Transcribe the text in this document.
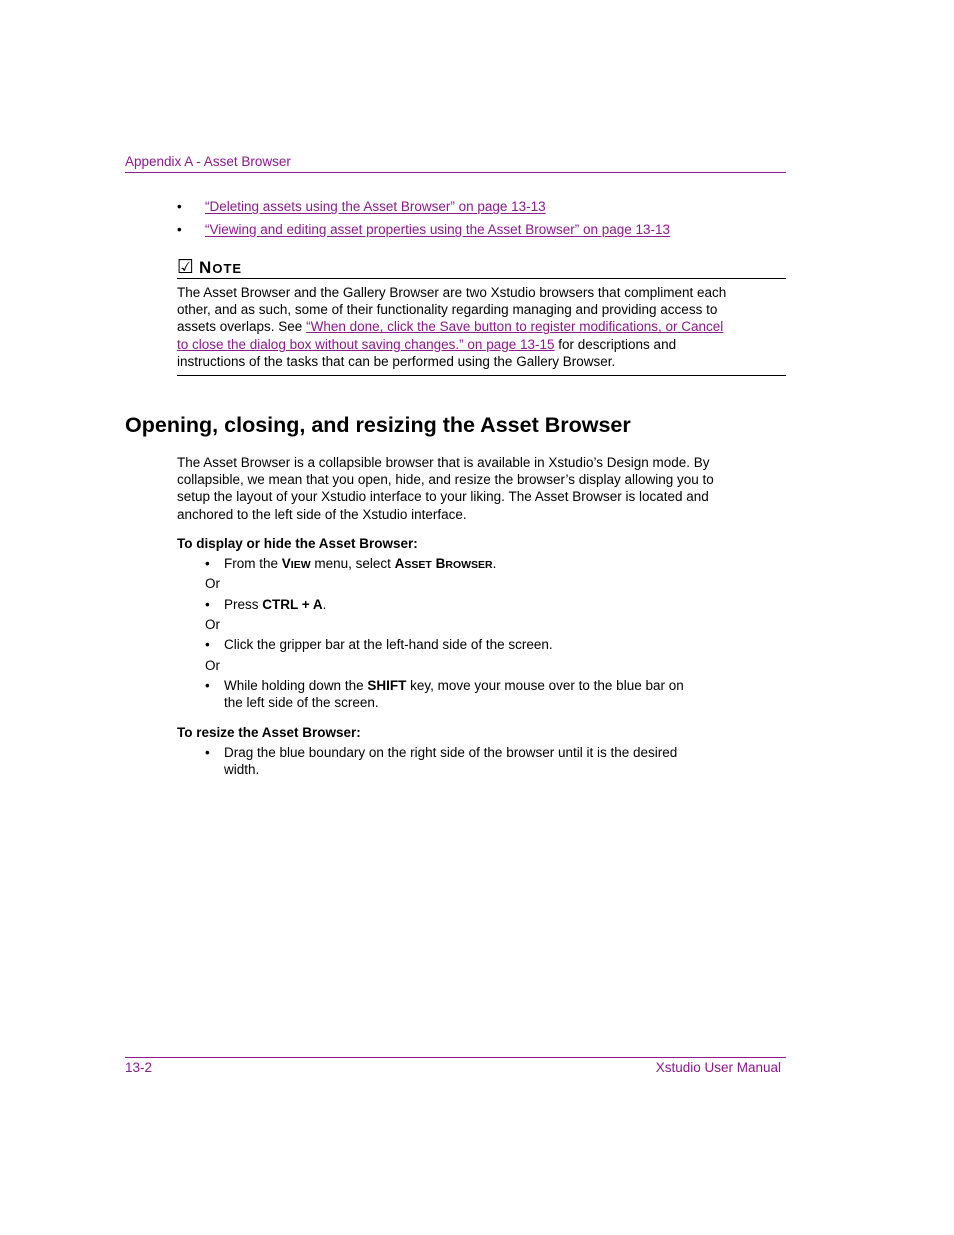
Appendix A - Asset Browser
• “Deleting assets using the Asset Browser” on page 13-13
• “Viewing and editing asset properties using the Asset Browser” on page 13-13
☑ NOTE
The Asset Browser and the Gallery Browser are two Xstudio browsers that compliment each other, and as such, some of their functionality regarding managing and providing access to assets overlaps. See “When done, click the Save button to register modifications, or Cancel to close the dialog box without saving changes.” on page 13-15 for descriptions and instructions of the tasks that can be performed using the Gallery Browser.
Opening, closing, and resizing the Asset Browser
The Asset Browser is a collapsible browser that is available in Xstudio’s Design mode. By collapsible, we mean that you open, hide, and resize the browser’s display allowing you to setup the layout of your Xstudio interface to your liking. The Asset Browser is located and anchored to the left side of the Xstudio interface.
To display or hide the Asset Browser:
• From the VIEW menu, select ASSET BROWSER.
Or
• Press CTRL + A.
Or
• Click the gripper bar at the left-hand side of the screen.
Or
• While holding down the SHIFT key, move your mouse over to the blue bar on the left side of the screen.
To resize the Asset Browser:
• Drag the blue boundary on the right side of the browser until it is the desired width.
13-2	Xstudio User Manual
